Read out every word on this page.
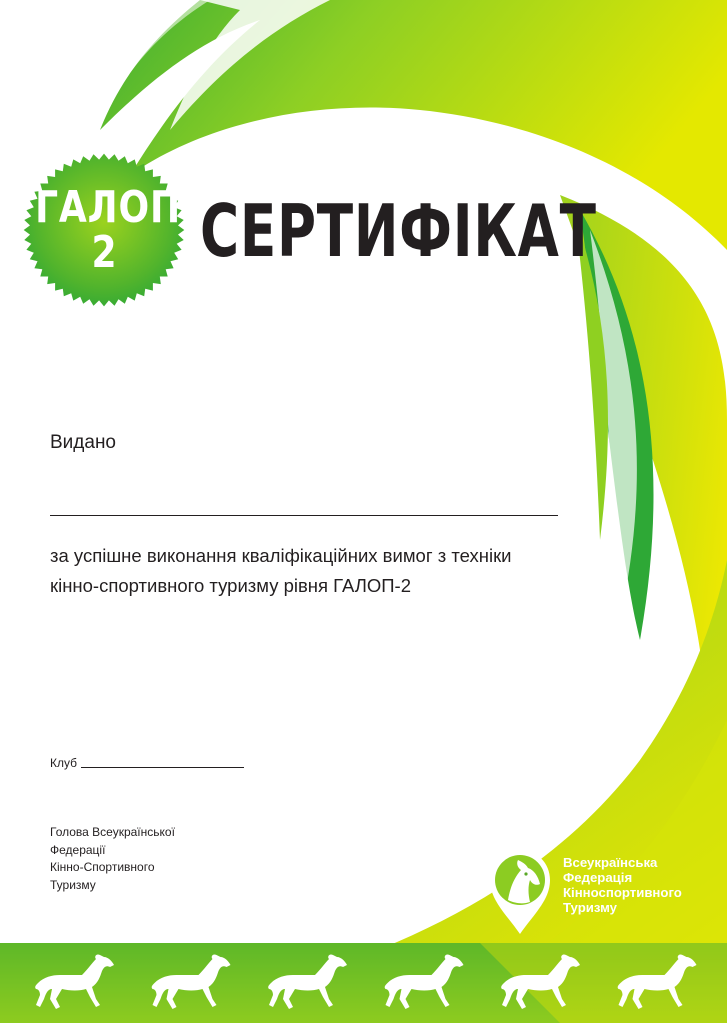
ГАЛОП
2	СЕРТИФІКАТ
Видано
за успішне виконання кваліфікаційних вимог з техніки
кінно-спортивного туризму рівня ГАЛОП-2
Клуб
Голова Всеукраїнської
Федерації
Кінно-Спортивного
Туризму
Всеукраїнська
Федерація
Кінноспортивного
Туризму
